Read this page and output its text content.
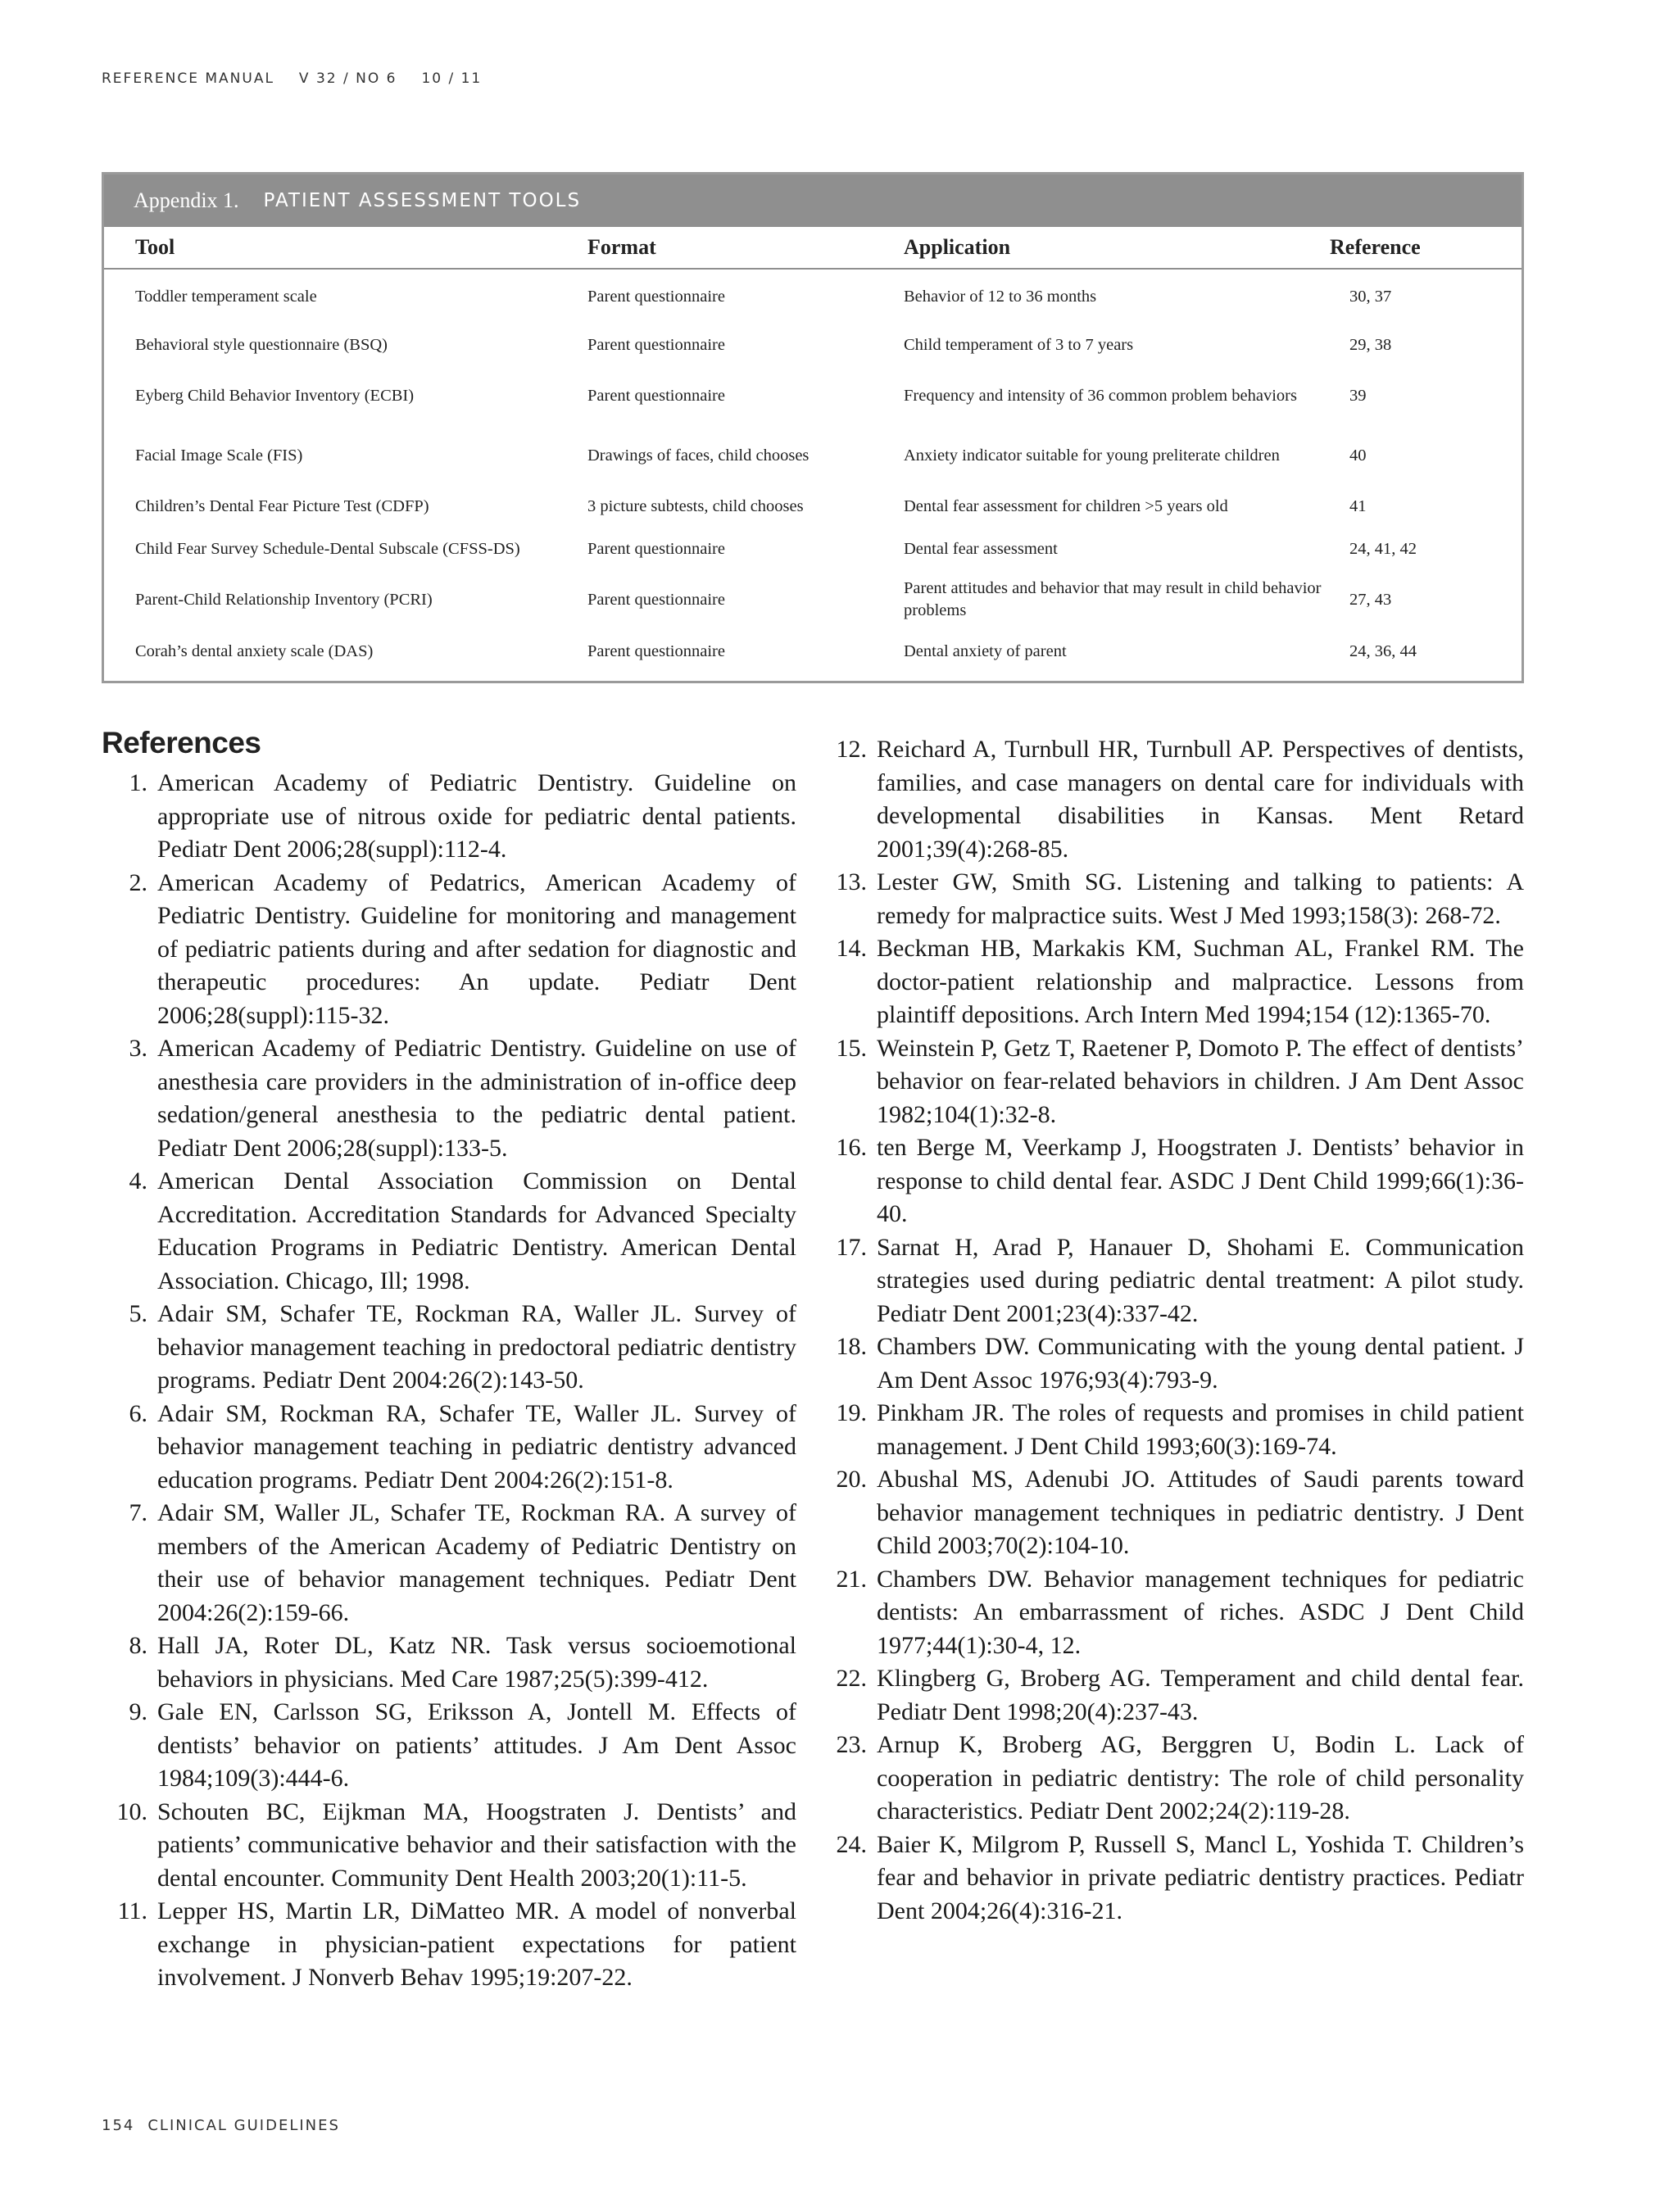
REFERENCE MANUAL V 32 / NO 6 10 / 11
Appendix 1. PATIENT ASSESSMENT TOOLS
Tool	Format	Application	Reference
Toddler temperament scale	Parent questionnaire	Behavior of 12 to 36 months	30, 37
Behavioral style questionnaire (BSQ)	Parent questionnaire	Child temperament of 3 to 7 years	29, 38
Eyberg Child Behavior Inventory (ECBI)	Parent questionnaire	Frequency and intensity of 36 common problem behaviors	39
Facial Image Scale (FIS)	Drawings of faces, child chooses	Anxiety indicator suitable for young preliterate children	40
Children’s Dental Fear Picture Test (CDFP)	3 picture subtests, child chooses	Dental fear assessment for children >5 years old	41
Child Fear Survey Schedule-Dental Subscale (CFSS-DS)	Parent questionnaire	Dental fear assessment	24, 41, 42
Parent-Child Relationship Inventory (PCRI)	Parent questionnaire	Parent attitudes and behavior that may result in child behavior problems	27, 43
Corah’s dental anxiety scale (DAS)	Parent questionnaire	Dental anxiety of parent	24, 36, 44
References
1. American Academy of Pediatric Dentistry. Guideline on appropriate use of nitrous oxide for pediatric dental patients. Pediatr Dent 2006;28(suppl):112-4.
2. American Academy of Pedatrics, American Academy of Pediatric Dentistry. Guideline for monitoring and management of pediatric patients during and after sedation for diagnostic and therapeutic procedures: An update. Pediatr Dent 2006;28(suppl):115-32.
3. American Academy of Pediatric Dentistry. Guideline on use of anesthesia care providers in the administration of in-office deep sedation/general anesthesia to the pediatric dental patient. Pediatr Dent 2006;28(suppl):133-5.
4. American Dental Association Commission on Dental Accreditation. Accreditation Standards for Advanced Specialty Education Programs in Pediatric Dentistry. American Dental Association. Chicago, Ill; 1998.
5. Adair SM, Schafer TE, Rockman RA, Waller JL. Survey of behavior management teaching in predoctoral pediatric dentistry programs. Pediatr Dent 2004:26(2):143-50.
6. Adair SM, Rockman RA, Schafer TE, Waller JL. Survey of behavior management teaching in pediatric dentistry advanced education programs. Pediatr Dent 2004:26(2):151-8.
7. Adair SM, Waller JL, Schafer TE, Rockman RA. A survey of members of the American Academy of Pediatric Dentistry on their use of behavior management techniques. Pediatr Dent 2004:26(2):159-66.
8. Hall JA, Roter DL, Katz NR. Task versus socioemotional behaviors in physicians. Med Care 1987;25(5):399-412.
9. Gale EN, Carlsson SG, Eriksson A, Jontell M. Effects of dentists’ behavior on patients’ attitudes. J Am Dent Assoc 1984;109(3):444-6.
10. Schouten BC, Eijkman MA, Hoogstraten J. Dentists’ and patients’ communicative behavior and their satisfaction with the dental encounter. Community Dent Health 2003;20(1):11-5.
11. Lepper HS, Martin LR, DiMatteo MR. A model of nonverbal exchange in physician-patient expectations for patient involvement. J Nonverb Behav 1995;19:207-22.
12. Reichard A, Turnbull HR, Turnbull AP. Perspectives of dentists, families, and case managers on dental care for individuals with developmental disabilities in Kansas. Ment Retard 2001;39(4):268-85.
13. Lester GW, Smith SG. Listening and talking to patients: A remedy for malpractice suits. West J Med 1993;158(3): 268-72.
14. Beckman HB, Markakis KM, Suchman AL, Frankel RM. The doctor-patient relationship and malpractice. Lessons from plaintiff depositions. Arch Intern Med 1994;154 (12):1365-70.
15. Weinstein P, Getz T, Raetener P, Domoto P. The effect of dentists’ behavior on fear-related behaviors in children. J Am Dent Assoc 1982;104(1):32-8.
16. ten Berge M, Veerkamp J, Hoogstraten J. Dentists’ behavior in response to child dental fear. ASDC J Dent Child 1999;66(1):36-40.
17. Sarnat H, Arad P, Hanauer D, Shohami E. Communication strategies used during pediatric dental treatment: A pilot study. Pediatr Dent 2001;23(4):337-42.
18. Chambers DW. Communicating with the young dental patient. J Am Dent Assoc 1976;93(4):793-9.
19. Pinkham JR. The roles of requests and promises in child patient management. J Dent Child 1993;60(3):169-74.
20. Abushal MS, Adenubi JO. Attitudes of Saudi parents toward behavior management techniques in pediatric dentistry. J Dent Child 2003;70(2):104-10.
21. Chambers DW. Behavior management techniques for pediatric dentists: An embarrassment of riches. ASDC J Dent Child 1977;44(1):30-4, 12.
22. Klingberg G, Broberg AG. Temperament and child dental fear. Pediatr Dent 1998;20(4):237-43.
23. Arnup K, Broberg AG, Berggren U, Bodin L. Lack of cooperation in pediatric dentistry: The role of child personality characteristics. Pediatr Dent 2002;24(2):119-28.
24. Baier K, Milgrom P, Russell S, Mancl L, Yoshida T. Children’s fear and behavior in private pediatric dentistry practices. Pediatr Dent 2004;26(4):316-21.
154 CLINICAL GUIDELINES
